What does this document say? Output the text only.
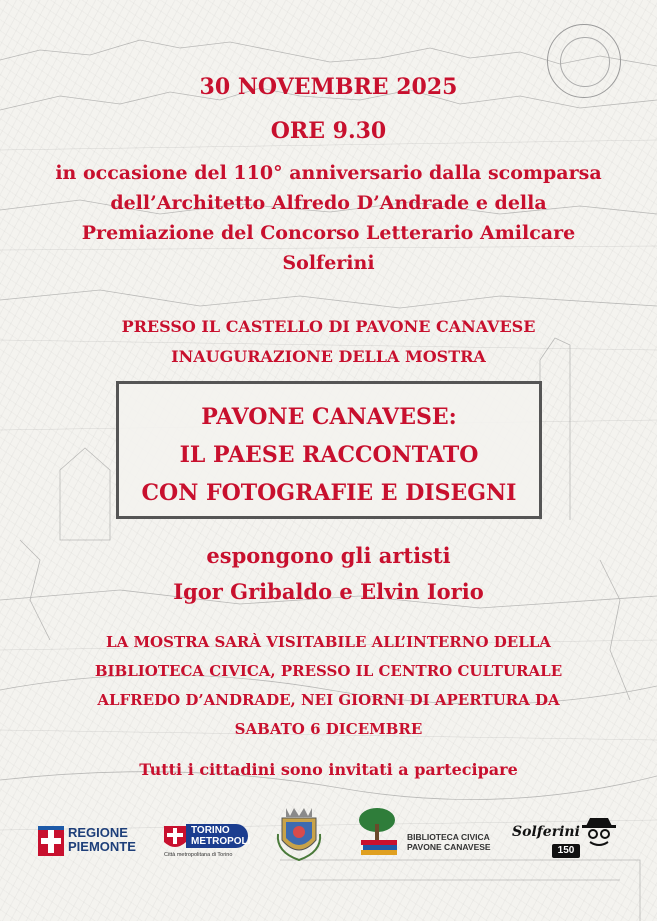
30 NOVEMBRE 2025

ORE 9.30

in occasione del 110° anniversario dalla scomparsa
dell’Architetto Alfredo D’Andrade e della
Premiazione del Concorso Letterario Amilcare
Solferini
PRESSO IL CASTELLO DI PAVONE CANAVESE
INAUGURAZIONE DELLA MOSTRA
PAVONE CANAVESE:
IL PAESE RACCONTATO
CON FOTOGRAFIE E DISEGNI
espongono gli artisti
Igor Gribaldo e Elvin Iorio
LA MOSTRA SARÀ VISITABILE ALL’INTERNO DELLA
BIBLIOTECA CIVICA, PRESSO IL CENTRO CULTURALE
ALFREDO D’ANDRADE, NEI GIORNI DI APERTURA DA
SABATO 6 DICEMBRE

Tutti i cittadini sono invitati a partecipare

REGIONE
PIEMONTE
TORINO
METROPOLI
Città metropolitana di Torino
BIBLIOTECA CIVICA
PAVONE CANAVESE
Solferini
150
